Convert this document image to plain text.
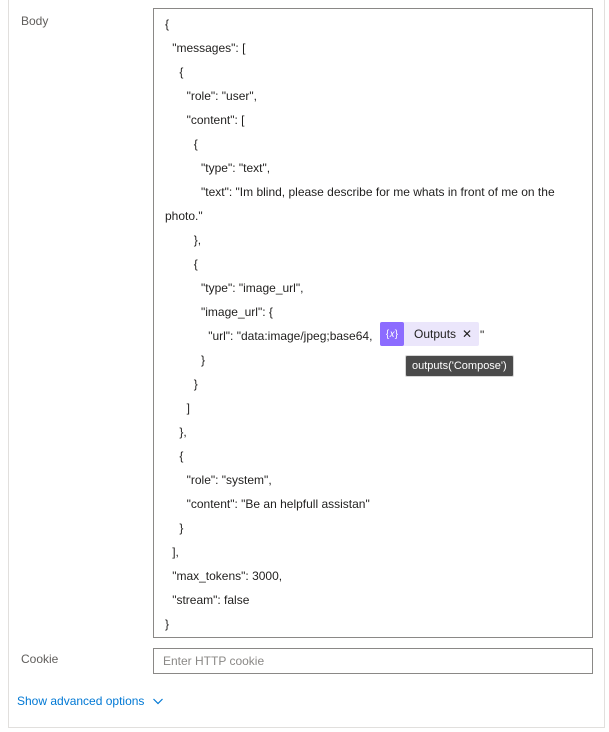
Body	{
"messages": [
{
"role": "user",
"content": [
{
"type": "text",
"text": "Im blind, please describe for me whats in front of me on the
photo."
},
{
"type": "image_url",
"image_url": {
"url": "data:image/jpeg;base64,
}
}
]
},
{
"role": "system",
"content": "Be an helpfull assistan"
}
],
"max_tokens": 3000,
"stream": false
}
{𝑥}	Outputs ✕ "
outputs('Compose')
Cookie
Enter HTTP cookie
Show advanced options
